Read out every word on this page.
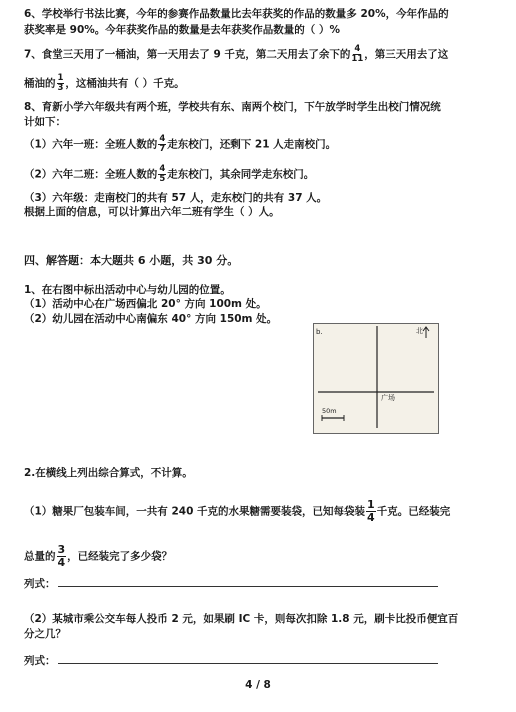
6、学校举行书法比赛，今年的参赛作品数量比去年获奖的作品的数量多 20%，今年作品的
获奖率是 90%。今年获奖作品的数量是去年获奖作品数量的（ ）%
7、食堂三天用了一桶油，第一天用去了 9 千克，第二天用去了余下的 $\frac{4}{11}$ ，第三天用去了这
桶油的 $\frac{1}{3}$ ，这桶油共有（ ）千克。
8、育新小学六年级共有两个班，学校共有东、南两个校门，下午放学时学生出校门情况统
计如下：
（1）六年一班：全班人数的 $\frac{4}{7}$ 走东校门，还剩下 21 人走南校门。
（2）六年二班：全班人数的 $\frac{4}{5}$ 走东校门，其余同学走东校门。
（3）六年级：走南校门的共有 57 人，走东校门的共有 37 人。
根据上面的信息，可以计算出六年二班有学生（ ）人。
四、解答题：本大题共 6 小题，共 30 分。
1、在右图中标出活动中心与幼儿园的位置。
（1）活动中心在广场西偏北 20° 方向 100m 处。
（2）幼儿园在活动中心南偏东 40° 方向 150m 处。
b.	北
广场
50m
2.在横线上列出综合算式，不计算。
（1）糖果厂包装车间，一共有 240 千克的水果糖需要装袋，已知每袋装 $\frac{1}{4}$ 千克。已经装完
总量的 $\frac{3}{4}$ ，已经装完了多少袋？
列式：
（2）某城市乘公交车每人投币 2 元，如果刷 IC 卡，则每次扣除 1.8 元，刷卡比投币便宜百
分之几？
列式：
4 / 8
